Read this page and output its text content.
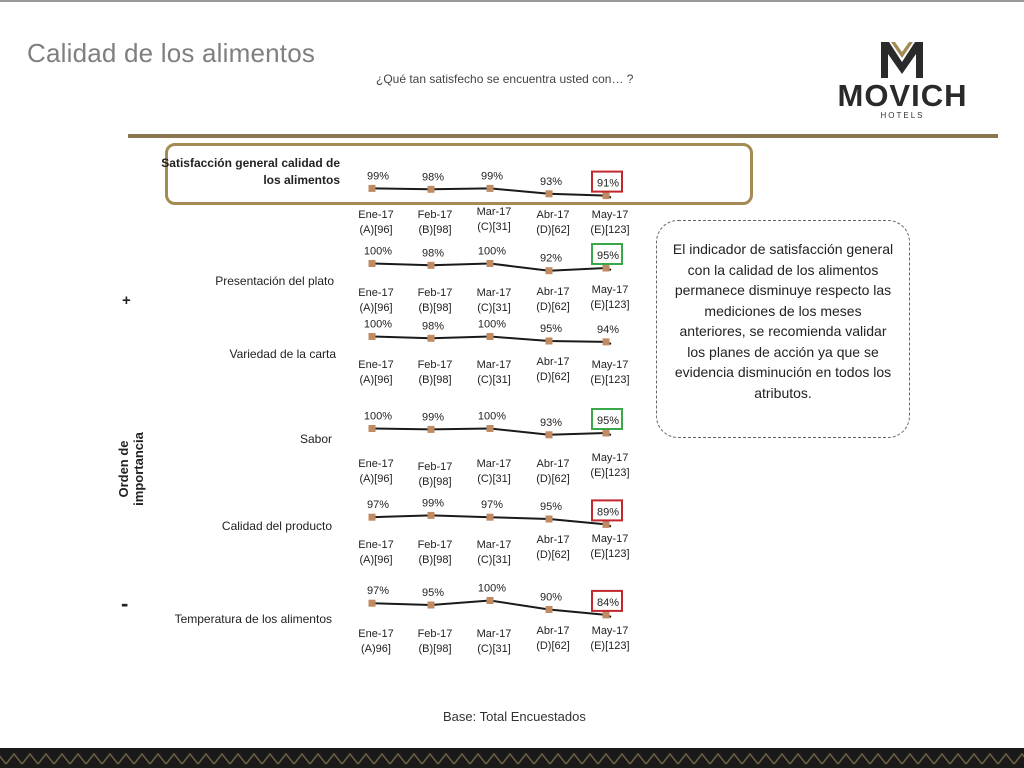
Calidad de los alimentos
¿Qué tan satisfecho se encuentra usted con… ?	MOVICH
HOTELS
Orden de importancia
+
-
Satisfacción general calidad de los alimentos
Presentación del plato
Variedad de la carta
Sabor
Calidad del producto
Temperatura de los alimentos
99%
Ene-17
(A)[96]
98%
Feb-17
(B)[98]
99%
Mar-17
(C)[31]
93%
Abr-17
(D)[62]
91%
May-17
(E)[123]
100%
Ene-17
(A)[96]
98%
Feb-17
(B)[98]
100%
Mar-17
(C)[31]
92%
Abr-17
(D)[62]
95%
May-17
(E)[123]
100%
Ene-17
(A)[96]
98%
Feb-17
(B)[98]
100%
Mar-17
(C)[31]
95%
Abr-17
(D)[62]
94%
May-17
(E)[123]
100%
Ene-17
(A)[96]
99%
Feb-17
(B)[98]
100%
Mar-17
(C)[31]
93%
Abr-17
(D)[62]
95%
May-17
(E)[123]
97%
Ene-17
(A)[96]
99%
Feb-17
(B)[98]
97%
Mar-17
(C)[31]
95%
Abr-17
(D)[62]
89%
May-17
(E)[123]
97%
Ene-17
(A)96]
95%
Feb-17
(B)[98]
100%
Mar-17
(C)[31]
90%
Abr-17
(D)[62]
84%
May-17
(E)[123]
El indicador de satisfacción general con la calidad de los alimentos permanece disminuye respecto las mediciones de los meses anteriores, se recomienda validar los planes de acción ya que se evidencia disminución en todos los atributos.
Base: Total Encuestados
